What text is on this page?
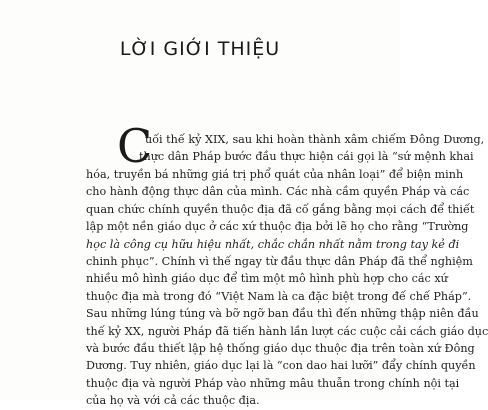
LỜI GIỚI THIỆU
C
uối thế kỷ XIX, sau khi hoàn thành xâm chiếm Đông Dương,
thực dân Pháp bước đầu thực hiện cái gọi là “sứ mệnh khai
hóa, truyền bá những giá trị phổ quát của nhân loại” để biện minh
cho hành động thực dân của mình. Các nhà cầm quyền Pháp và các
quan chức chính quyền thuộc địa đã cố gắng bằng mọi cách để thiết
lập một nền giáo dục ở các xứ thuộc địa bởi lẽ họ cho rằng “Trường
học là công cụ hữu hiệu nhất, chắc chắn nhất nằm trong tay kẻ đi
chinh phục”. Chính vì thế ngay từ đầu thực dân Pháp đã thể nghiệm
nhiều mô hình giáo dục để tìm một mô hình phù hợp cho các xứ
thuộc địa mà trong đó “Việt Nam là ca đặc biệt trong đế chế Pháp”.
Sau những lúng túng và bỡ ngỡ ban đầu thì đến những thập niên đầu
thế kỷ XX, người Pháp đã tiến hành lần lượt các cuộc cải cách giáo dục
và bước đầu thiết lập hệ thống giáo dục thuộc địa trên toàn xứ Đông
Dương. Tuy nhiên, giáo dục lại là “con dao hai lưỡi” đẩy chính quyền
thuộc địa và người Pháp vào những mâu thuẫn trong chính nội tại
của họ và với cả các thuộc địa.
